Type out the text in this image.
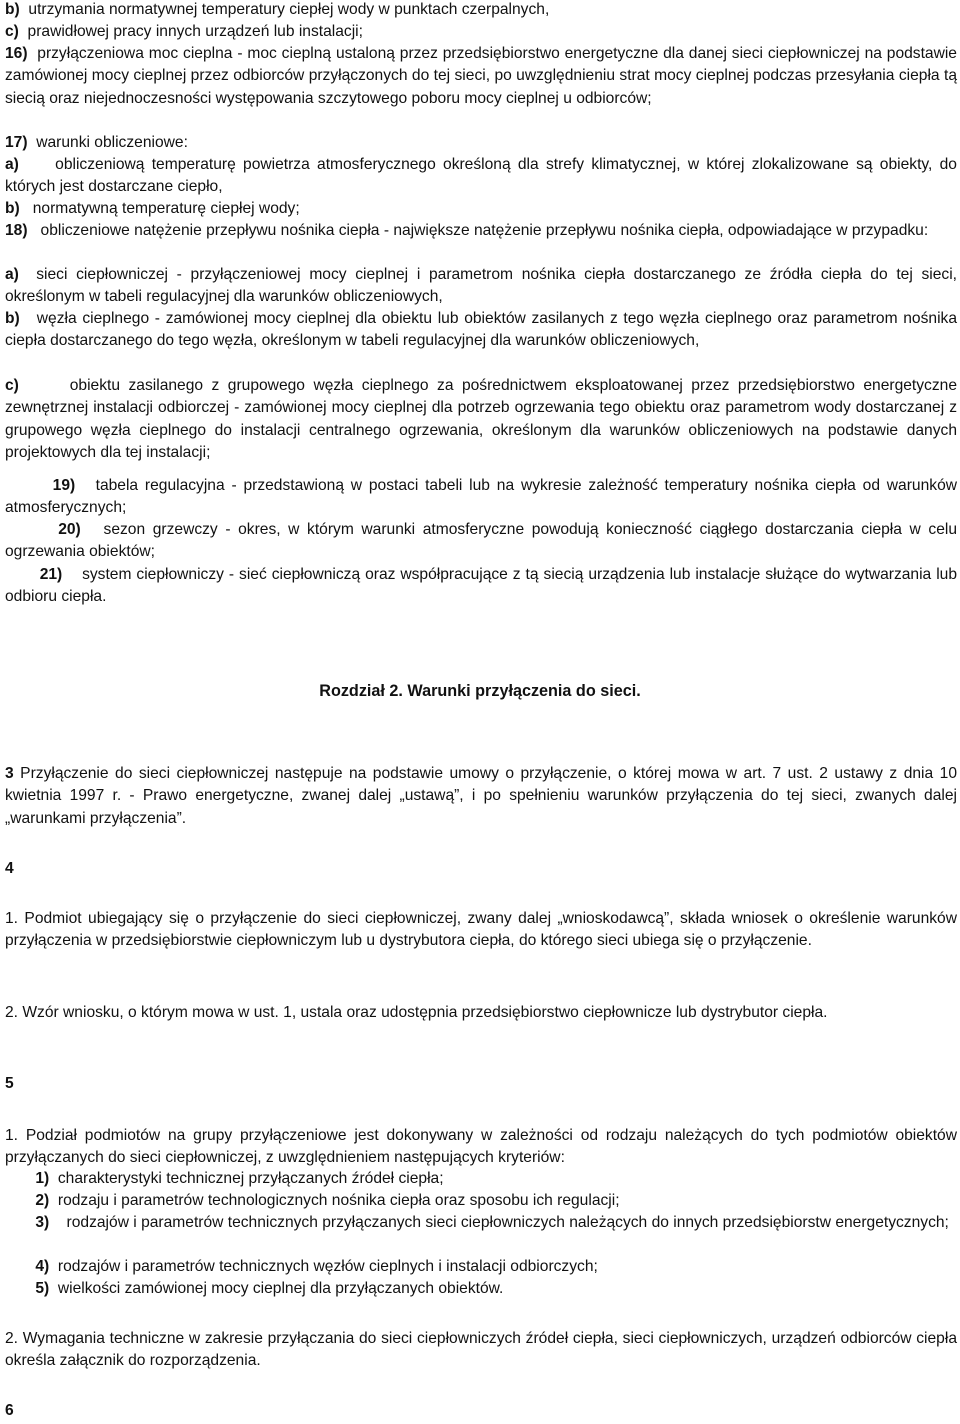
b) utrzymania normatywnej temperatury ciepłej wody w punktach czerpalnych,

c) prawidłowej pracy innych urządzeń lub instalacji;

16) przyłączeniowa moc cieplna - moc cieplną ustaloną przez przedsiębiorstwo energetyczne dla danej sieci ciepłowniczej na podstawie zamówionej mocy cieplnej przez odbiorców przyłączonych do tej sieci, po uwzględnieniu strat mocy cieplnej podczas przesyłania ciepła tą siecią oraz niejednoczesności występowania szczytowego poboru mocy cieplnej u odbiorców;

17) warunki obliczeniowe:

a) obliczeniową temperaturę powietrza atmosferycznego określoną dla strefy klimatycznej, w której zlokalizowane są obiekty, do których jest dostarczane ciepło,

b) normatywną temperaturę ciepłej wody;

18) obliczeniowe natężenie przepływu nośnika ciepła - największe natężenie przepływu nośnika ciepła, odpowiadające w przypadku:

a) sieci ciepłowniczej - przyłączeniowej mocy cieplnej i parametrom nośnika ciepła dostarczanego ze źródła ciepła do tej sieci, określonym w tabeli regulacyjnej dla warunków obliczeniowych,

b) węzła cieplnego - zamówionej mocy cieplnej dla obiektu lub obiektów zasilanych z tego węzła cieplnego oraz parametrom nośnika ciepła dostarczanego do tego węzła, określonym w tabeli regulacyjnej dla warunków obliczeniowych,

c)	obiektu zasilanego z grupowego węzła cieplnego za pośrednictwem eksploatowanej przez przedsiębiorstwo energetyczne zewnętrznej instalacji odbiorczej - zamówionej mocy cieplnej dla potrzeb ogrzewania tego obiektu oraz parametrom wody dostarczanej z grupowego węzła cieplnego do instalacji centralnego ogrzewania, określonym dla warunków obliczeniowych na podstawie danych projektowych dla tej instalacji;

19) tabela regulacyjna - przedstawioną w postaci tabeli lub na wykresie zależność temperatury nośnika ciepła od warunków atmosferycznych;

20) sezon grzewczy - okres, w którym warunki atmosferyczne powodują konieczność ciągłego dostarczania ciepła w celu ogrzewania obiektów;

21) system ciepłowniczy - sieć ciepłowniczą oraz współpracujące z tą siecią urządzenia lub instalacje służące do wytwarzania lub odbioru ciepła.

Rozdział 2. Warunki przyłączenia do sieci.

3 Przyłączenie do sieci ciepłowniczej następuje na podstawie umowy o przyłączenie, o której mowa w art. 7 ust. 2 ustawy z dnia 10 kwietnia 1997 r. - Prawo energetyczne, zwanej dalej „ustawą”, i po spełnieniu warunków przyłączenia do tej sieci, zwanych dalej „warunkami przyłączenia”.

4

1. Podmiot ubiegający się o przyłączenie do sieci ciepłowniczej, zwany dalej „wnioskodawcą”, składa wniosek o określenie warunków przyłączenia w przedsiębiorstwie ciepłowniczym lub u dystrybutora ciepła, do którego sieci ubiega się o przyłączenie.

2. Wzór wniosku, o którym mowa w ust. 1, ustala oraz udostępnia przedsiębiorstwo ciepłownicze lub dystrybutor ciepła.

5

1. Podział podmiotów na grupy przyłączeniowe jest dokonywany w zależności od rodzaju należących do tych podmiotów obiektów przyłączanych do sieci ciepłowniczej, z uwzględnieniem następujących kryteriów:

1) charakterystyki technicznej przyłączanych źródeł ciepła;

2) rodzaju i parametrów technologicznych nośnika ciepła oraz sposobu ich regulacji;

3) rodzajów i parametrów technicznych przyłączanych sieci ciepłowniczych należących do innych przedsiębiorstw energetycznych;

4) rodzajów i parametrów technicznych węzłów cieplnych i instalacji odbiorczych;

5) wielkości zamówionej mocy cieplnej dla przyłączanych obiektów.

2. Wymagania techniczne w zakresie przyłączania do sieci ciepłowniczych źródeł ciepła, sieci ciepłowniczych, urządzeń odbiorców ciepła określa załącznik do rozporządzenia.

6
